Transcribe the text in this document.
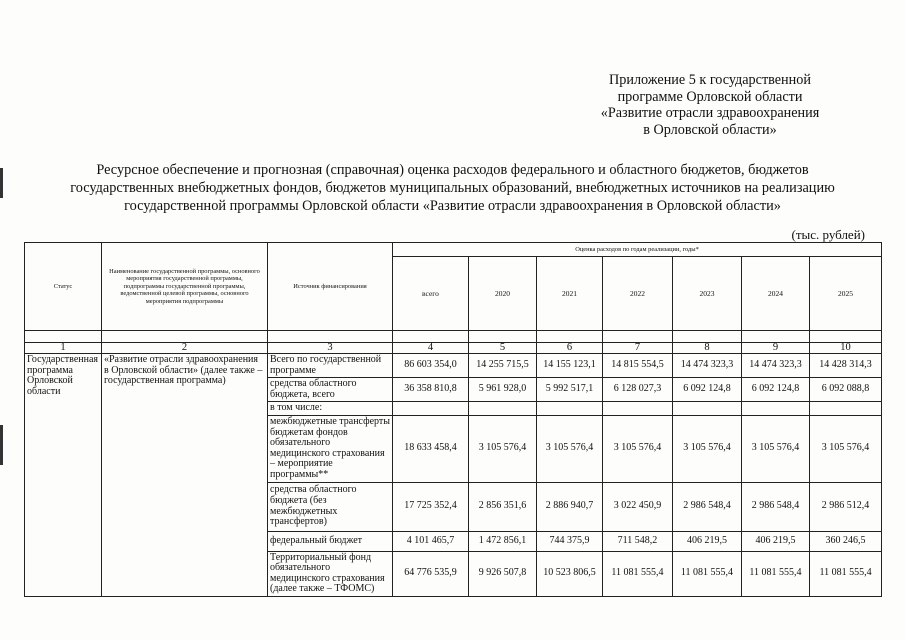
Приложение 5 к государственной
программе Орловской области
«Развитие отрасли здравоохранения
в Орловской области»
Ресурсное обеспечение и прогнозная (справочная) оценка расходов федерального и областного бюджетов, бюджетов
государственных внебюджетных фондов, бюджетов муниципальных образований, внебюджетных источников на реализацию
государственной программы Орловской области «Развитие отрасли здравоохранения в Орловской области»
(тыс. рублей)
Статус	Наименование государственной программы, основного мероприятия государственной программы, подпрограммы государственной программы, ведомственной целевой программы, основного мероприятия подпрограммы	Источник финансирования	Оценка расходов по годам реализации, годы*						
			всего	2020	2021	2022	2023	2024	2025

1	2	3	4	5	6	7	8	9	10
Государственная программа Орловской области	«Развитие отрасли здравоохранения в Орловской области» (далее также – государственная программа)	Всего по государственной программе	86 603 354,0	14 255 715,5	14 155 123,1	14 815 554,5	14 474 323,3	14 474 323,3	14 428 314,3
		средства областного бюджета, всего	36 358 810,8	5 961 928,0	5 992 517,1	6 128 027,3	6 092 124,8	6 092 124,8	6 092 088,8
		в том числе:							
		межбюджетные трансферты бюджетам фондов обязательного медицинского страхования – мероприятие программы**	18 633 458,4	3 105 576,4	3 105 576,4	3 105 576,4	3 105 576,4	3 105 576,4	3 105 576,4
		средства областного бюджета (без межбюджетных трансфертов)	17 725 352,4	2 856 351,6	2 886 940,7	3 022 450,9	2 986 548,4	2 986 548,4	2 986 512,4
		федеральный бюджет	4 101 465,7	1 472 856,1	744 375,9	711 548,2	406 219,5	406 219,5	360 246,5
		Территориальный фонд обязательного медицинского страхования (далее также – ТФОМС)	64 776 535,9	9 926 507,8	10 523 806,5	11 081 555,4	11 081 555,4	11 081 555,4	11 081 555,4
